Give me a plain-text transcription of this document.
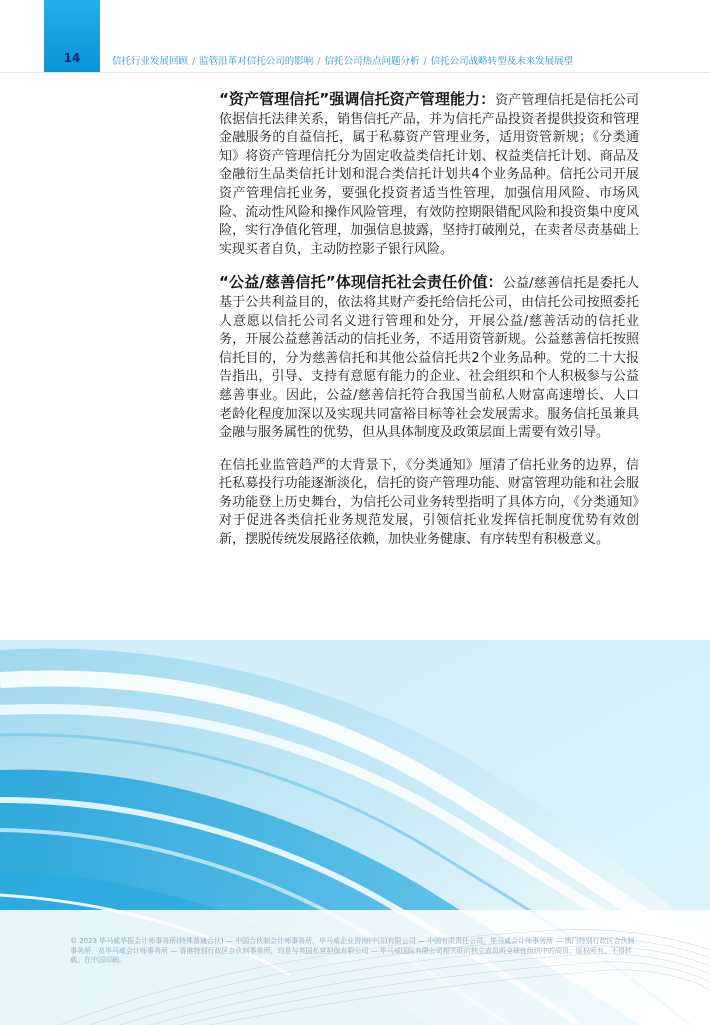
14	信托行业发展回顾 / 监管沿革对信托公司的影响 / 信托公司热点问题分析 / 信托公司战略转型及未来发展展望

“资产管理信托”强调信托资产管理能力：资产管理信托是信托公司依据信托法律关系，销售信托产品，并为信托产品投资者提供投资和管理金融服务的自益信托，属于私募资产管理业务，适用资管新规；《分类通知》将资产管理信托分为固定收益类信托计划、权益类信托计划、商品及金融衍生品类信托计划和混合类信托计划共4个业务品种。信托公司开展资产管理信托业务，要强化投资者适当性管理，加强信用风险、市场风险、流动性风险和操作风险管理，有效防控期限错配风险和投资集中度风险，实行净值化管理，加强信息披露，坚持打破刚兑，在卖者尽责基础上实现买者自负，主动防控影子银行风险。

“公益/慈善信托”体现信托社会责任价值：公益/慈善信托是委托人基于公共利益目的，依法将其财产委托给信托公司，由信托公司按照委托人意愿以信托公司名义进行管理和处分，开展公益/慈善活动的信托业务，开展公益慈善活动的信托业务，不适用资管新规。公益慈善信托按照信托目的，分为慈善信托和其他公益信托共2个业务品种。党的二十大报告指出，引导、支持有意愿有能力的企业、社会组织和个人积极参与公益慈善事业。因此，公益/慈善信托符合我国当前私人财富高速增长、人口老龄化程度加深以及实现共同富裕目标等社会发展需求。服务信托虽兼具金融与服务属性的优势，但从具体制度及政策层面上需要有效引导。

在信托业监管趋严的大背景下，《分类通知》厘清了信托业务的边界，信托私募投行功能逐渐淡化，信托的资产管理功能、财富管理功能和社会服务功能登上历史舞台，为信托公司业务转型指明了具体方向，《分类通知》对于促进各类信托业务规范发展，引领信托业发挥信托制度优势有效创新，摆脱传统发展路径依赖，加快业务健康、有序转型有积极意义。

© 2023 毕马威华振会计师事务所(特殊普通合伙) — 中国合伙制会计师事务所，毕马威企业咨询(中国)有限公司 — 中国有限责任公司，毕马威会计师事务所 — 澳门特别行政区合伙制事务所，及毕马威会计师事务所 — 香港特别行政区合伙制事务所，均是与英国私营担保有限公司 — 毕马威国际有限公司相关联的独立成员所全球性组织中的成员。版权所有，不得转载。在中国印刷。
